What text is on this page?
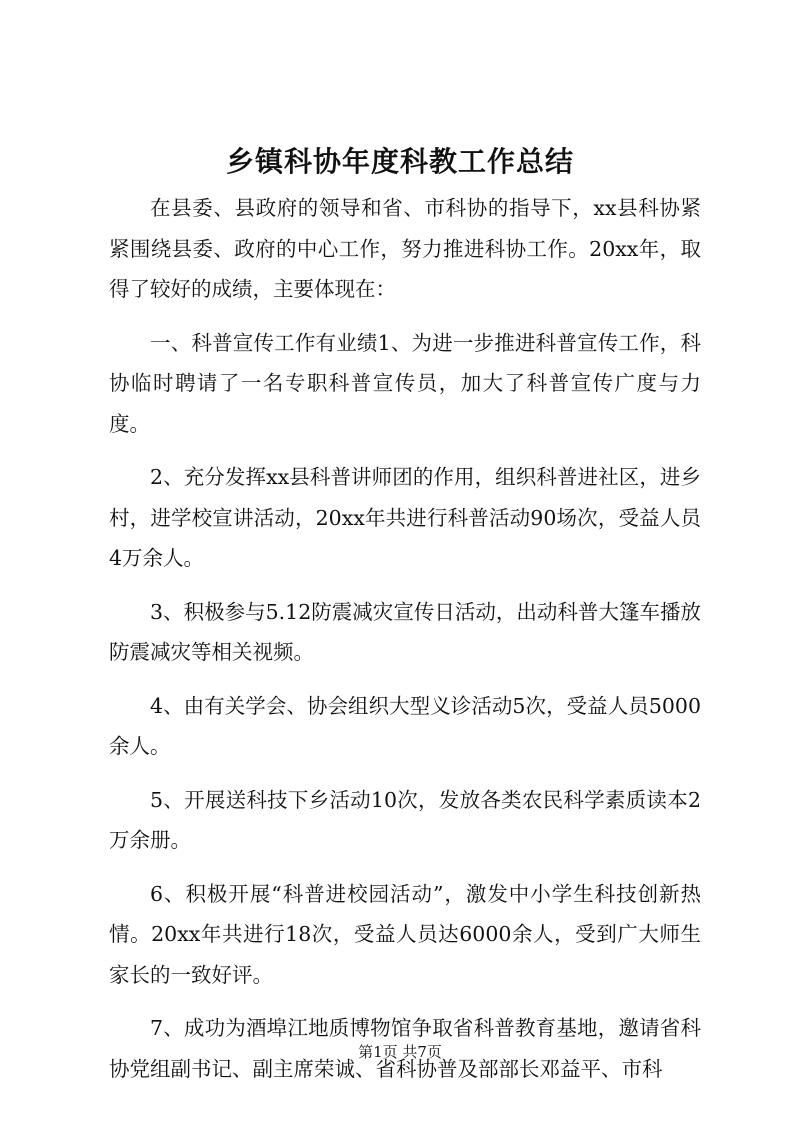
乡镇科协年度科教工作总结

在县委、县政府的领导和省、市科协的指导下，xx县科协紧紧围绕县委、政府的中心工作，努力推进科协工作。20xx年，取得了较好的成绩，主要体现在：

一、科普宣传工作有业绩1、为进一步推进科普宣传工作，科协临时聘请了一名专职科普宣传员，加大了科普宣传广度与力度。

2、充分发挥xx县科普讲师团的作用，组织科普进社区，进乡村，进学校宣讲活动，20xx年共进行科普活动90场次，受益人员4万余人。

3、积极参与5.12防震减灾宣传日活动，出动科普大篷车播放防震减灾等相关视频。

4、由有关学会、协会组织大型义诊活动5次，受益人员5000余人。

5、开展送科技下乡活动10次，发放各类农民科学素质读本2万余册。

6、积极开展“科普进校园活动”，激发中小学生科技创新热情。20xx年共进行18次，受益人员达6000余人，受到广大师生家长的一致好评。

7、成功为酒埠江地质博物馆争取省科普教育基地，邀请省科协党组副书记、副主席荣诚、省科协普及部部长邓益平、市科

第1页 共7页
